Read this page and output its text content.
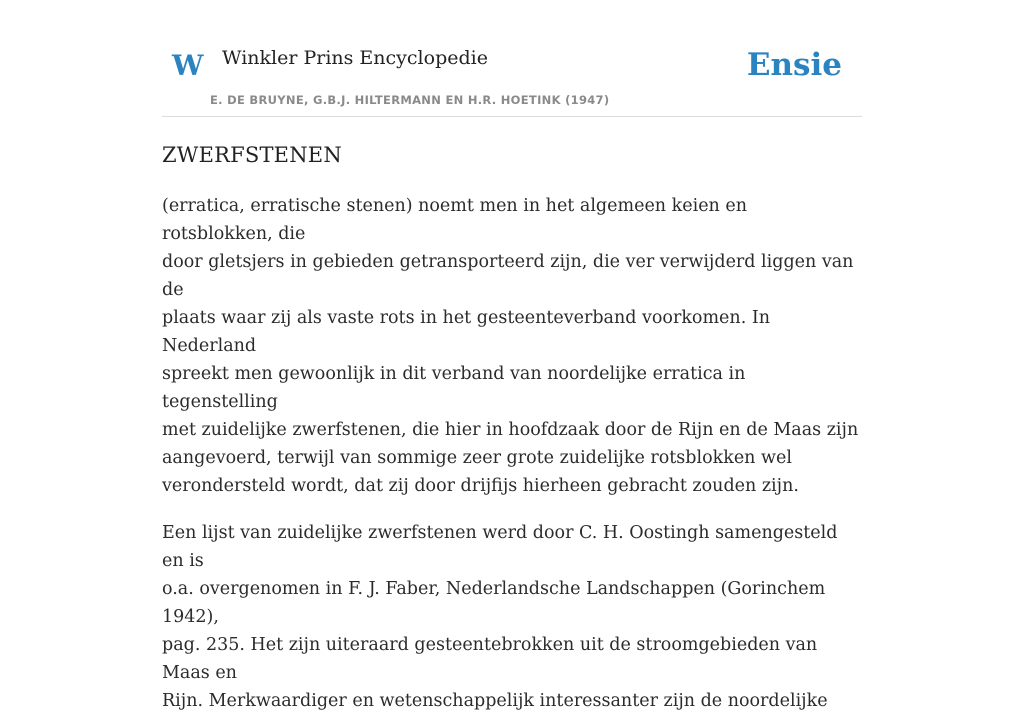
W Winkler Prins Encyclopedie
E. DE BRUYNE, G.B.J. HILTERMANN EN H.R. HOETINK (1947)
Ensie
ZWERFSTENEN

(erratica, erratische stenen) noemt men in het algemeen keien en rotsblokken, die
door gletsjers in gebieden getransporteerd zijn, die ver verwijderd liggen van de
plaats waar zij als vaste rots in het gesteenteverband voorkomen. In Nederland
spreekt men gewoonlijk in dit verband van noordelijke erratica in tegenstelling
met zuidelijke zwerfstenen, die hier in hoofdzaak door de Rijn en de Maas zijn
aangevoerd, terwijl van sommige zeer grote zuidelijke rotsblokken wel
verondersteld wordt, dat zij door drijfijs hierheen gebracht zouden zijn.

Een lijst van zuidelijke zwerfstenen werd door C. H. Oostingh samengesteld en is
o.a. overgenomen in F. J. Faber, Nederlandsche Landschappen (Gorinchem 1942),
pag. 235. Het zijn uiteraard gesteentebrokken uit de stroomgebieden van Maas en
Rijn. Merkwaardiger en wetenschappelijk interessanter zijn de noordelijke
